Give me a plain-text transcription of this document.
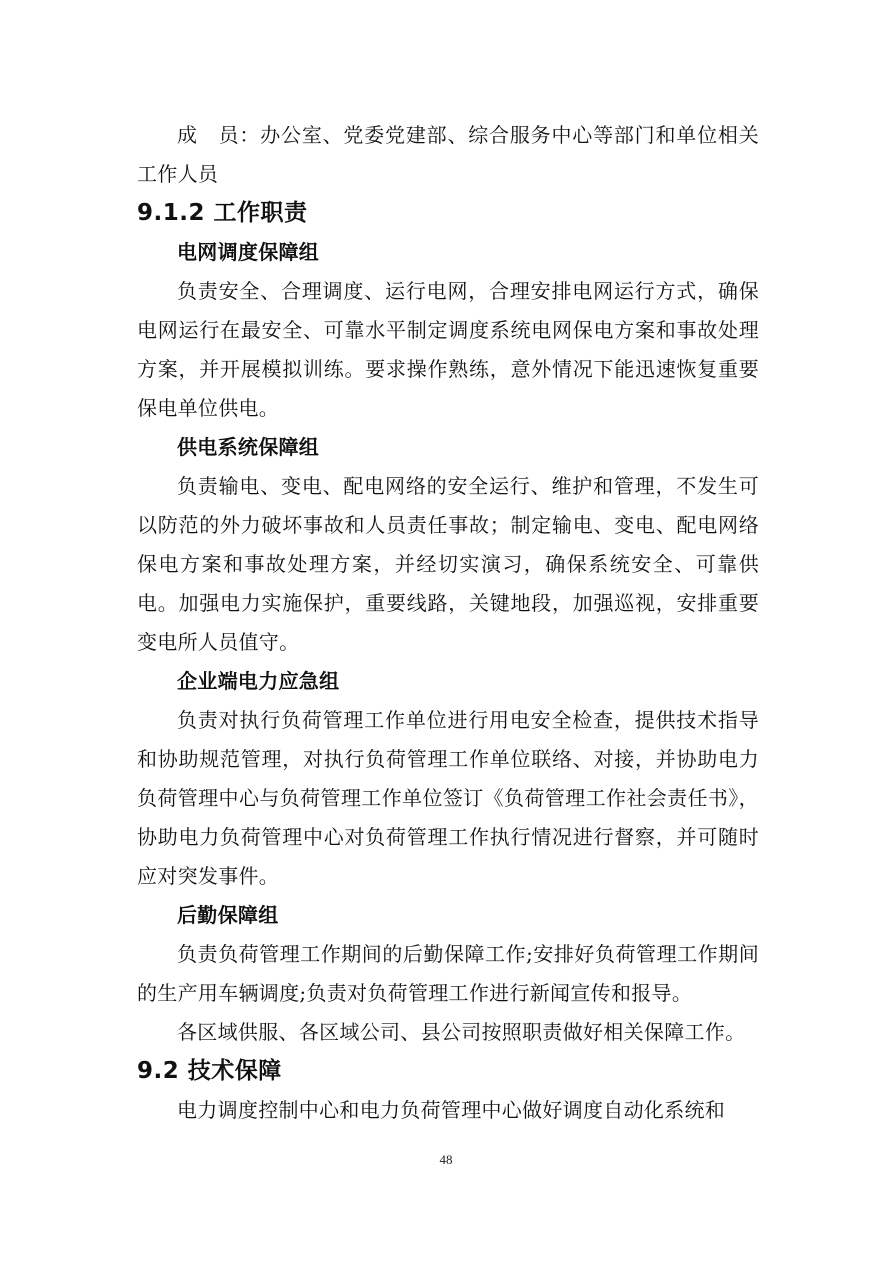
成　员：办公室、党委党建部、综合服务中心等部门和单位相关工作人员

9.1.2 工作职责
电网调度保障组

负责安全、合理调度、运行电网，合理安排电网运行方式，确保电网运行在最安全、可靠水平制定调度系统电网保电方案和事故处理方案，并开展模拟训练。要求操作熟练，意外情况下能迅速恢复重要保电单位供电。

供电系统保障组

负责输电、变电、配电网络的安全运行、维护和管理，不发生可以防范的外力破坏事故和人员责任事故；制定输电、变电、配电网络保电方案和事故处理方案，并经切实演习，确保系统安全、可靠供电。加强电力实施保护，重要线路，关键地段，加强巡视，安排重要变电所人员值守。

企业端电力应急组

负责对执行负荷管理工作单位进行用电安全检查，提供技术指导和协助规范管理，对执行负荷管理工作单位联络、对接，并协助电力负荷管理中心与负荷管理工作单位签订《负荷管理工作社会责任书》，协助电力负荷管理中心对负荷管理工作执行情况进行督察，并可随时应对突发事件。

后勤保障组

负责负荷管理工作期间的后勤保障工作;安排好负荷管理工作期间的生产用车辆调度;负责对负荷管理工作进行新闻宣传和报导。

各区域供服、各区域公司、县公司按照职责做好相关保障工作。

9.2 技术保障

电力调度控制中心和电力负荷管理中心做好调度自动化系统和

48
